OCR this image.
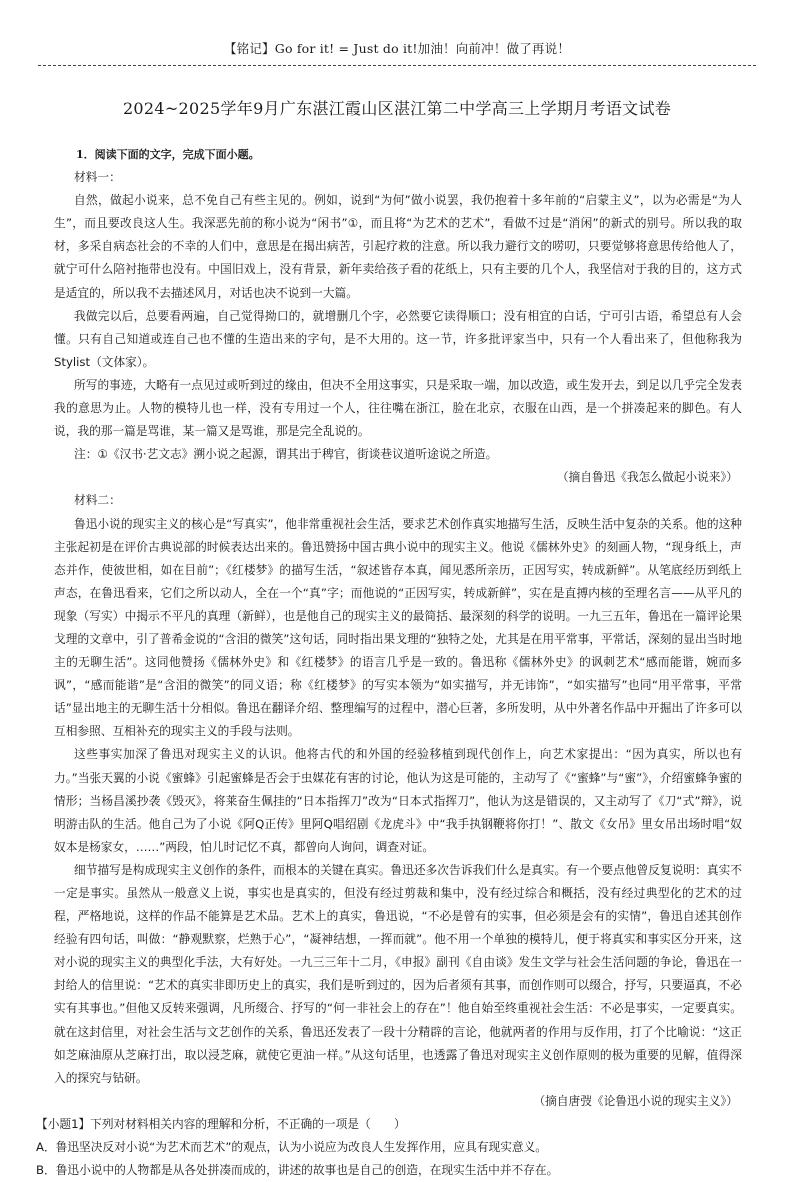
【铭记】Go for it! = Just do it!加油！向前冲！做了再说！
2024~2025学年9月广东湛江霞山区湛江第二中学高三上学期月考语文试卷

1．阅读下面的文字，完成下面小题。

材料一：

自然，做起小说来，总不免自己有些主见的。例如，说到“为何”做小说罢，我仍抱着十多年前的“启蒙主义”，以为必需是“为人生”，而且要改良这人生。我深恶先前的称小说为“闲书”①，而且将“为艺术的艺术”，看做不过是“消闲”的新式的别号。所以我的取材，多采自病态社会的不幸的人们中，意思是在揭出病苦，引起疗救的注意。所以我力避行文的唠叨，只要觉够将意思传给他人了，就宁可什么陪衬拖带也没有。中国旧戏上，没有背景，新年卖给孩子看的花纸上，只有主要的几个人，我坚信对于我的目的，这方式是适宜的，所以我不去描述风月，对话也决不说到一大篇。

我做完以后，总要看两遍，自己觉得拗口的，就增删几个字，必然要它读得顺口；没有相宜的白话，宁可引古语，希望总有人会懂。只有自己知道或连自己也不懂的生造出来的字句，是不大用的。这一节，许多批评家当中，只有一个人看出来了，但他称我为Stylist（文体家）。

所写的事迹，大略有一点见过或听到过的缘由，但决不全用这事实，只是采取一端，加以改造，或生发开去，到足以几乎完全发表我的意思为止。人物的模特儿也一样，没有专用过一个人，往往嘴在浙江，脸在北京，衣服在山西，是一个拼凑起来的脚色。有人说，我的那一篇是骂谁，某一篇又是骂谁，那是完全乱说的。

注：①《汉书·艺文志》溯小说之起源，谓其出于稗官，街谈巷议道听途说之所造。

（摘自鲁迅《我怎么做起小说来》）

材料二：

鲁迅小说的现实主义的核心是“写真实”，他非常重视社会生活，要求艺术创作真实地描写生活，反映生活中复杂的关系。他的这种主张起初是在评价古典说部的时候表达出来的。鲁迅赞扬中国古典小说中的现实主义。他说《儒林外史》的刻画人物，“现身纸上，声态并作，使彼世相，如在目前”；《红楼梦》的描写生活，“叙述皆存本真，闻见悉所亲历，正因写实，转成新鲜”。从笔底经历到纸上声态，在鲁迅看来，它们之所以动人，全在一个“真”字；而他说的“正因写实，转成新鲜”，实在是直搏内核的至理名言——从平凡的现象（写实）中揭示不平凡的真理（新鲜），也是他自己的现实主义的最简括、最深刻的科学的说明。一九三五年，鲁迅在一篇评论果戈理的文章中，引了普希金说的“含泪的微笑”这句话，同时指出果戈理的“独特之处，尤其是在用平常事，平常话，深刻的显出当时地主的无聊生活”。这同他赞扬《儒林外史》和《红楼梦》的语言几乎是一致的。鲁迅称《儒林外史》的讽刺艺术“感而能谐，婉而多讽”，“感而能谐”是“含泪的微笑”的同义语；称《红楼梦》的写实本领为“如实描写，并无讳饰”，“如实描写”也同“用平常事，平常话”显出地主的无聊生活十分相似。鲁迅在翻译介绍、整理编写的过程中，潜心巨著，多所发明，从中外著名作品中开掘出了许多可以互相参照、互相补充的现实主义的手段与法则。

这些事实加深了鲁迅对现实主义的认识。他将古代的和外国的经验移植到现代创作上，向艺术家提出：“因为真实，所以也有力。”当张天翼的小说《蜜蜂》引起蜜蜂是否会于虫媒花有害的讨论，他认为这是可能的，主动写了《“蜜蜂”与“蜜”》，介绍蜜蜂争蜜的情形；当杨昌溪抄袭《毁灭》，将莱奋生佩挂的“日本指挥刀”改为“日本式指挥刀”，他认为这是错误的，又主动写了《刀“式”辩》，说明游击队的生活。他自己为了小说《阿Q正传》里阿Q唱绍剧《龙虎斗》中“我手执钢鞭将你打！”、散文《女吊》里女吊出场时唱“奴奴本是杨家女，……”两段，怕儿时记忆不真，都曾向人询问，调查对证。

细节描写是构成现实主义创作的条件，而根本的关键在真实。鲁迅还多次告诉我们什么是真实。有一个要点他曾反复说明：真实不一定是事实。虽然从一般意义上说，事实也是真实的，但没有经过剪裁和集中，没有经过综合和概括，没有经过典型化的艺术的过程，严格地说，这样的作品不能算是艺术品。艺术上的真实，鲁迅说，“不必是曾有的实事，但必须是会有的实情”，鲁迅自述其创作经验有四句话，叫做：“静观默察，烂熟于心”，“凝神结想，一挥而就”。他不用一个单独的模特儿，便于将真实和事实区分开来，这对小说的现实主义的典型化手法，大有好处。一九三三年十二月，《申报》副刊《自由谈》发生文学与社会生活问题的争论，鲁迅在一封给人的信里说：“艺术的真实非即历史上的真实，我们是听到过的，因为后者须有其事，而创作则可以缀合，抒写，只要逼真，不必实有其事也。”但他又反转来强调，凡所缀合、抒写的“何一非社会上的存在”！他自始至终重视社会生活：不必是事实，一定要真实。就在这封信里，对社会生活与文艺创作的关系，鲁迅还发表了一段十分精辟的言论，他就两者的作用与反作用，打了个比喻说：“这正如芝麻油原从芝麻打出，取以浸芝麻，就使它更油一样。”从这句话里，也透露了鲁迅对现实主义创作原则的极为重要的见解，值得深入的探究与钻研。

（摘自唐弢《论鲁迅小说的现实主义》）

【小题1】下列对材料相关内容的理解和分析，不正确的一项是（　　）

A．鲁迅坚决反对小说“为艺术而艺术”的观点，认为小说应为改良人生发挥作用，应具有现实意义。

B．鲁迅小说中的人物都是从各处拼凑而成的，讲述的故事也是自己的创造，在现实生活中并不存在。
